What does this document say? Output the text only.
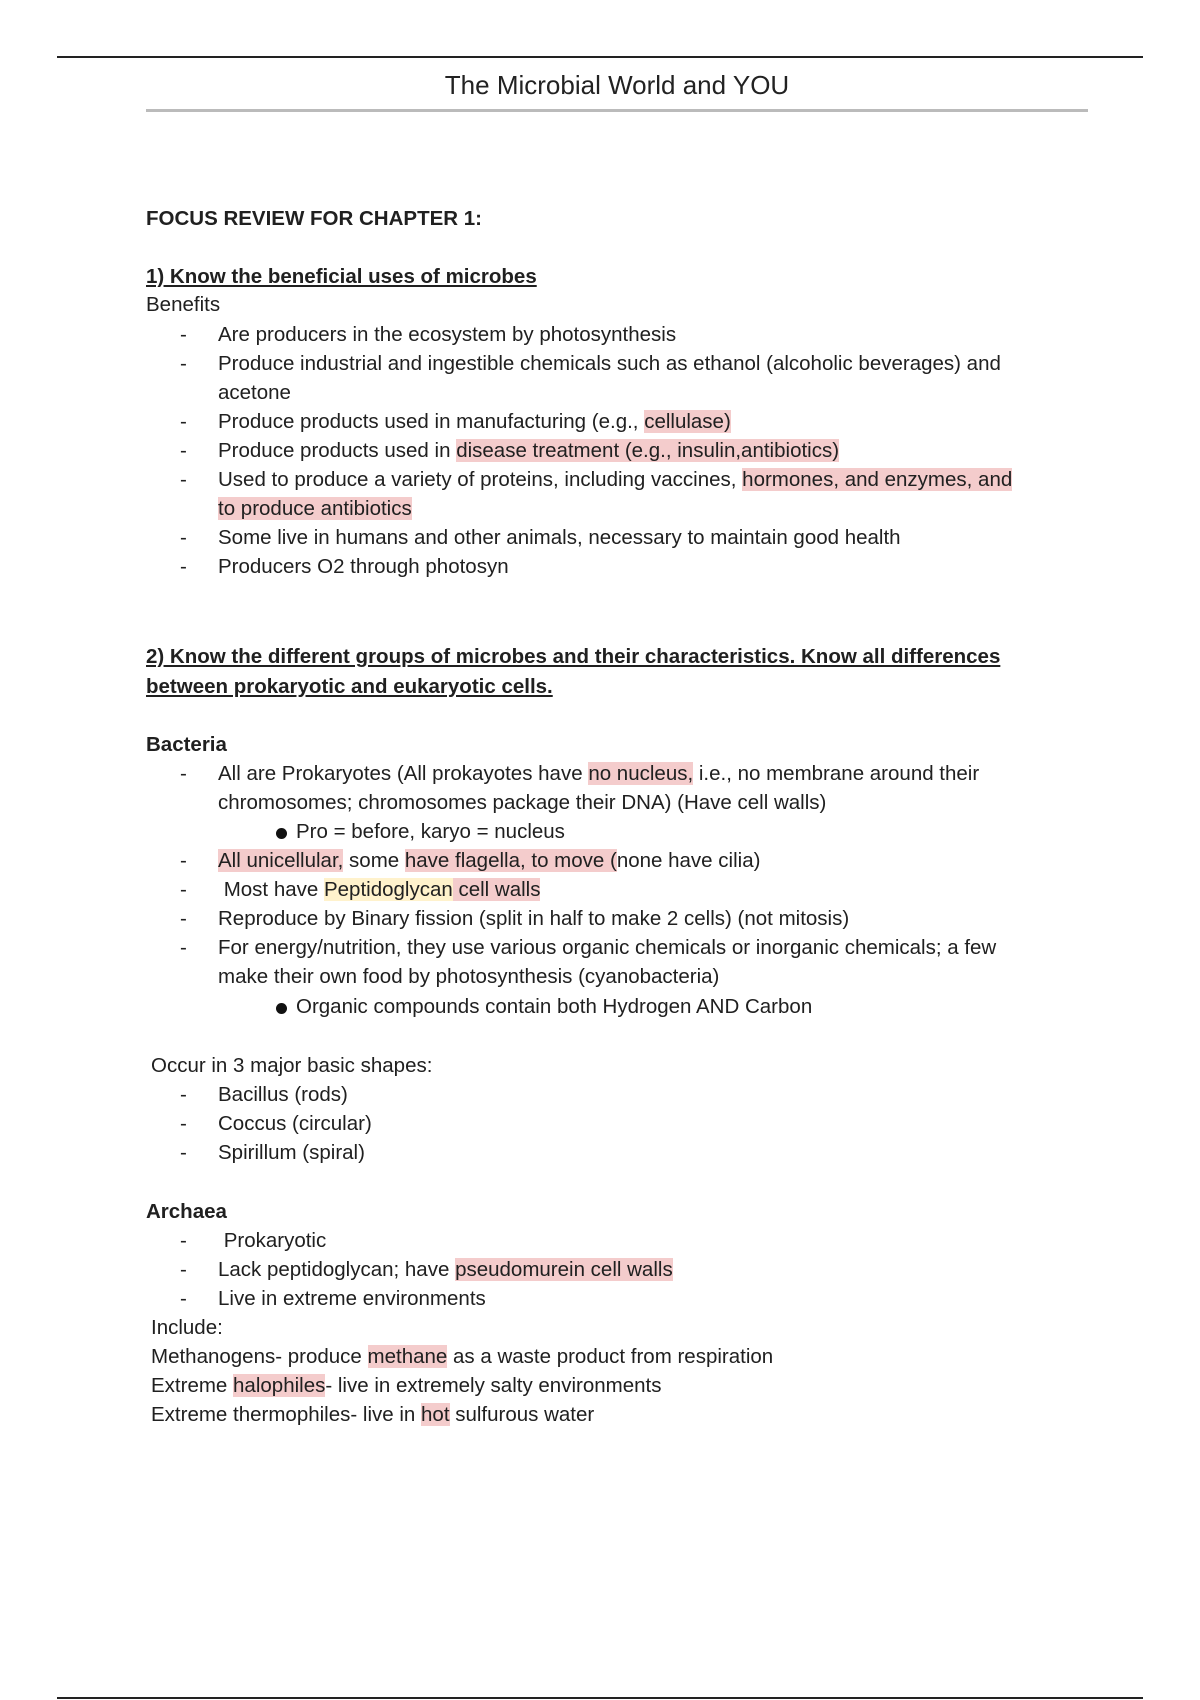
The Microbial World and YOU
FOCUS REVIEW FOR CHAPTER 1:
1) Know the beneficial uses of microbes
Benefits
- Are producers in the ecosystem by photosynthesis
- Produce industrial and ingestible chemicals such as ethanol (alcoholic beverages) and
acetone
- Produce products used in manufacturing (e.g., cellulase)
- Produce products used in disease treatment (e.g., insulin,antibiotics)
- Used to produce a variety of proteins, including vaccines, hormones, and enzymes, and
to produce antibiotics
- Some live in humans and other animals, necessary to maintain good health
- Producers O2 through photosyn
2) Know the different groups of microbes and their characteristics. Know all differences
between prokaryotic and eukaryotic cells.
Bacteria
- All are Prokaryotes (All prokayotes have no nucleus, i.e., no membrane around their
chromosomes; chromosomes package their DNA) (Have cell walls)
Pro = before, karyo = nucleus
- All unicellular, some have flagella, to move (none have cilia)
- Most have Peptidoglycan cell walls
- Reproduce by Binary fission (split in half to make 2 cells) (not mitosis)
- For energy/nutrition, they use various organic chemicals or inorganic chemicals; a few
make their own food by photosynthesis (cyanobacteria)
Organic compounds contain both Hydrogen AND Carbon
Occur in 3 major basic shapes:
- Bacillus (rods)
- Coccus (circular)
- Spirillum (spiral)
Archaea
- Prokaryotic
- Lack peptidoglycan; have pseudomurein cell walls
- Live in extreme environments
Include:
Methanogens- produce methane as a waste product from respiration
Extreme halophiles- live in extremely salty environments
Extreme thermophiles- live in hot sulfurous water
